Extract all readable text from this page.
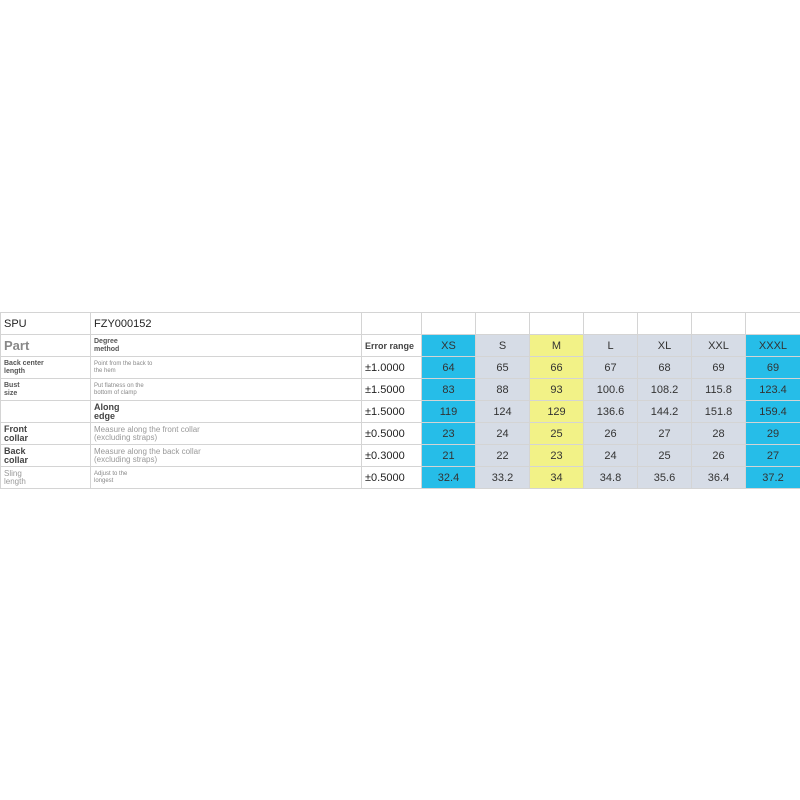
SPU	FZY000152								
Part	Degree
method	Error range	XS	S	M	L	XL	XXL	XXXL
Back center
length	Point from the back to
the hem	±1.0000	64	65	66	67	68	69	69
Bust
size	Put flatness on the
bottom of clamp	±1.5000	83	88	93	100.6	108.2	115.8	123.4
	Along
edge	±1.5000	119	124	129	136.6	144.2	151.8	159.4
Front
collar	Measure along the front collar
(excluding straps)	±0.5000	23	24	25	26	27	28	29
Back
collar	Measure along the back collar
(excluding straps)	±0.3000	21	22	23	24	25	26	27
Sling
length	Adjust to the
longest	±0.5000	32.4	33.2	34	34.8	35.6	36.4	37.2
